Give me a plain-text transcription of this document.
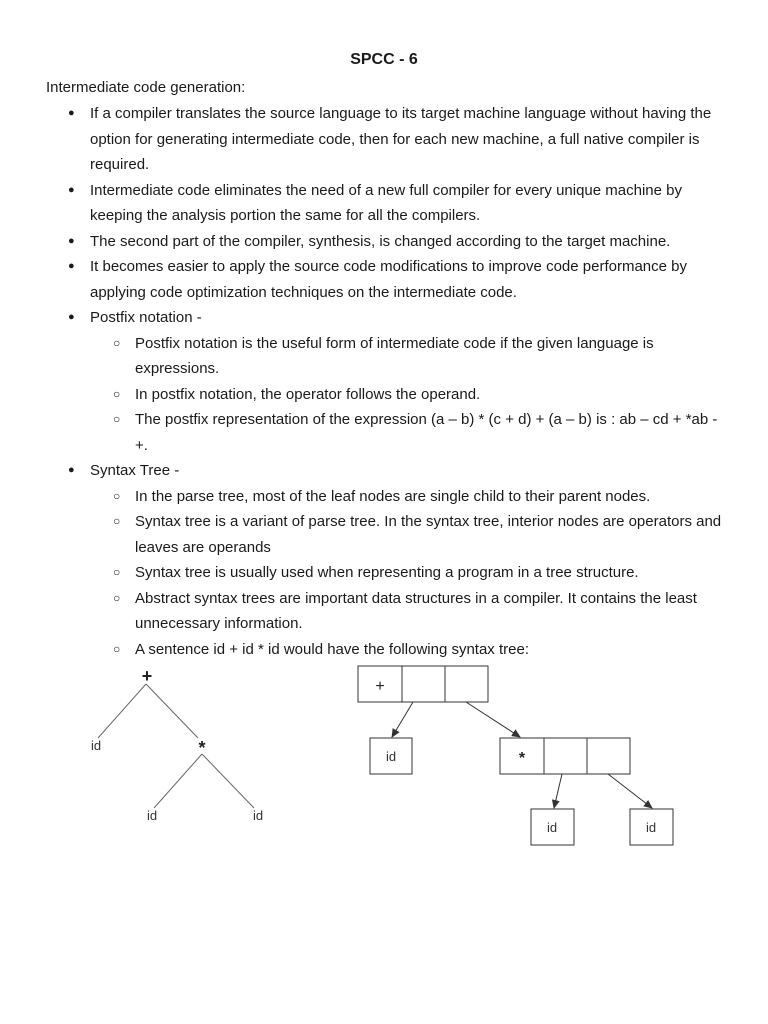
SPCC - 6
Intermediate code generation:
● If a compiler translates the source language to its target machine language without having the option for generating intermediate code, then for each new machine, a full native compiler is required.
● Intermediate code eliminates the need of a new full compiler for every unique machine by keeping the analysis portion the same for all the compilers.
● The second part of the compiler, synthesis, is changed according to the target machine.
● It becomes easier to apply the source code modifications to improve code performance by applying code optimization techniques on the intermediate code.
● Postfix notation -
○ Postfix notation is the useful form of intermediate code if the given language is expressions.
○ In postfix notation, the operator follows the operand.
○ The postfix representation of the expression (a – b) * (c + d) + (a – b) is : ab – cd + *ab -+.
● Syntax Tree -
○ In the parse tree, most of the leaf nodes are single child to their parent nodes.
○ Syntax tree is a variant of parse tree. In the syntax tree, interior nodes are operators and leaves are operands
○ Syntax tree is usually used when representing a program in a tree structure.
○ Abstract syntax trees are important data structures in a compiler. It contains the least unnecessary information.
○ A sentence id + id * id would have the following syntax tree:
+
id	*
id	id
+
id	*
id	id
